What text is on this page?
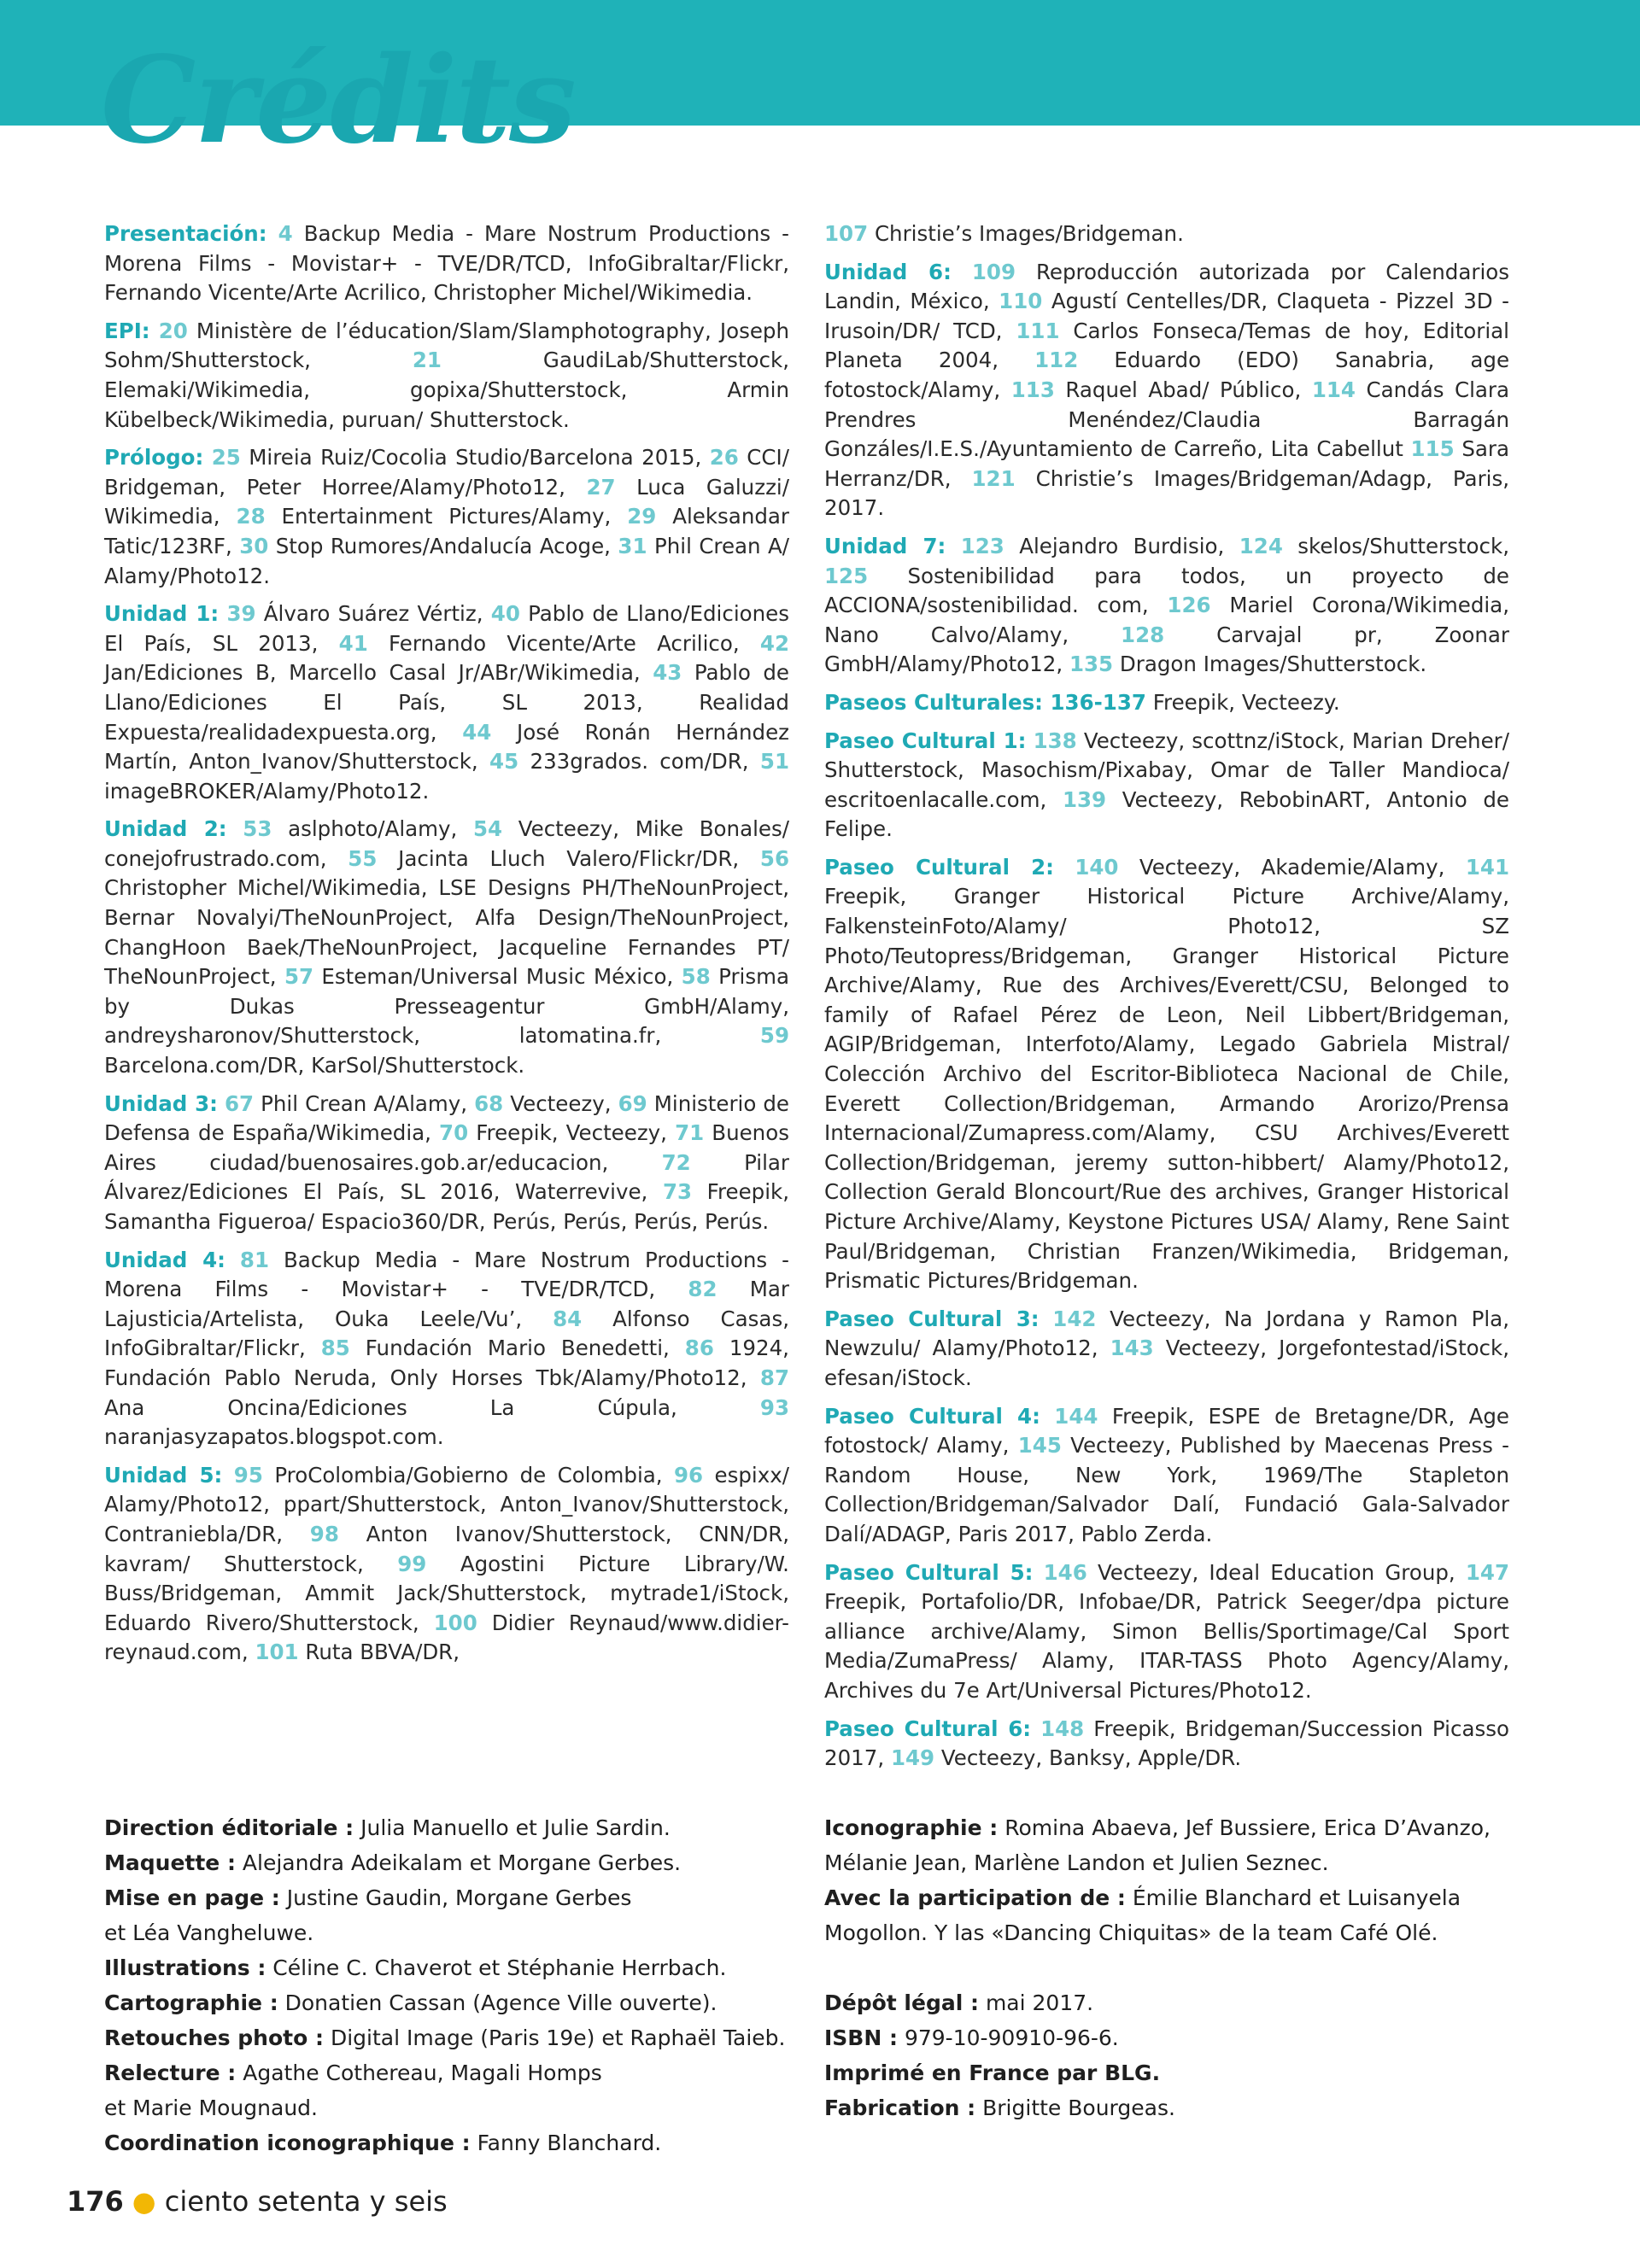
Crédits

Presentación: 4 Backup Media - Mare Nostrum Productions - Morena Films - Movistar+ - TVE/DR/TCD, InfoGibraltar/Flickr, Fernando Vicente/Arte Acrilico, Christopher Michel/Wikimedia.

EPI: 20 Ministère de l’éducation/Slam/Slamphotography, Joseph Sohm/Shutterstock,	21	GaudiLab/Shutterstock, Elemaki/Wikimedia, gopixa/Shutterstock, Armin Kübelbeck/Wikimedia, puruan/ Shutterstock.

Prólogo: 25 Mireia Ruiz/Cocolia Studio/Barcelona 2015, 26 CCI/ Bridgeman, Peter Horree/Alamy/Photo12, 27 Luca Galuzzi/ Wikimedia, 28 Entertainment Pictures/Alamy, 29 Aleksandar Tatic/123RF, 30 Stop Rumores/Andalucía Acoge, 31 Phil Crean A/ Alamy/Photo12.

Unidad 1: 39 Álvaro Suárez Vértiz, 40 Pablo de Llano/Ediciones El País, SL 2013, 41 Fernando Vicente/Arte Acrilico, 42 Jan/Ediciones B, Marcello Casal Jr/ABr/Wikimedia, 43 Pablo de Llano/Ediciones El País, SL 2013, Realidad Expuesta/realidadexpuesta.org, 44 José Ronán Hernández Martín, Anton_Ivanov/Shutterstock, 45 233grados. com/DR, 51 imageBROKER/Alamy/Photo12.

Unidad 2: 53 aslphoto/Alamy, 54 Vecteezy, Mike Bonales/ conejofrustrado.com, 55 Jacinta Lluch Valero/Flickr/DR, 56 Christopher Michel/Wikimedia, LSE Designs PH/TheNounProject, Bernar Novalyi/TheNounProject, Alfa Design/TheNounProject, ChangHoon Baek/TheNounProject, Jacqueline Fernandes PT/ TheNounProject, 57 Esteman/Universal Music México, 58 Prisma by Dukas Presseagentur GmbH/Alamy, andreysharonov/Shutterstock, latomatina.fr,	59 Barcelona.com/DR, KarSol/Shutterstock.

Unidad 3: 67 Phil Crean A/Alamy, 68 Vecteezy, 69 Ministerio de Defensa de España/Wikimedia, 70 Freepik, Vecteezy, 71 Buenos Aires ciudad/buenosaires.gob.ar/educacion,	72	Pilar Álvarez/Ediciones El País, SL 2016, Waterrevive, 73 Freepik, Samantha Figueroa/ Espacio360/DR, Perús, Perús, Perús, Perús.

Unidad 4: 81 Backup Media - Mare Nostrum Productions - Morena Films - Movistar+ - TVE/DR/TCD, 82 Mar Lajusticia/Artelista, Ouka Leele/Vu’, 84 Alfonso Casas, InfoGibraltar/Flickr, 85 Fundación Mario Benedetti, 86 1924, Fundación Pablo Neruda, Only Horses Tbk/Alamy/Photo12, 87 Ana Oncina/Ediciones La Cúpula,	93 naranjasyzapatos.blogspot.com.

Unidad 5: 95 ProColombia/Gobierno de Colombia, 96 espixx/ Alamy/Photo12, ppart/Shutterstock, Anton_Ivanov/Shutterstock, Contraniebla/DR, 98 Anton Ivanov/Shutterstock, CNN/DR, kavram/ Shutterstock, 99 Agostini Picture Library/W. Buss/Bridgeman, Ammit Jack/Shutterstock, mytrade1/iStock, Eduardo Rivero/Shutterstock, 100 Didier Reynaud/www.didier-reynaud.com, 101 Ruta BBVA/DR,

107 Christie’s Images/Bridgeman.

Unidad 6: 109 Reproducción autorizada por Calendarios Landin, México, 110 Agustí Centelles/DR, Claqueta - Pizzel 3D - Irusoin/DR/ TCD, 111 Carlos Fonseca/Temas de hoy, Editorial Planeta 2004, 112 Eduardo (EDO) Sanabria, age fotostock/Alamy, 113 Raquel Abad/ Público, 114 Candás Clara Prendres Menéndez/Claudia Barragán Gonzáles/I.E.S./Ayuntamiento de Carreño, Lita Cabellut 115 Sara Herranz/DR, 121 Christie’s Images/Bridgeman/Adagp, Paris, 2017.

Unidad 7: 123 Alejandro Burdisio, 124 skelos/Shutterstock, 125 Sostenibilidad para todos, un proyecto de ACCIONA/sostenibilidad. com, 126 Mariel Corona/Wikimedia, Nano Calvo/Alamy, 128 Carvajal pr, Zoonar GmbH/Alamy/Photo12, 135 Dragon Images/Shutterstock.

Paseos Culturales: 136-137 Freepik, Vecteezy.

Paseo Cultural 1: 138 Vecteezy, scottnz/iStock, Marian Dreher/ Shutterstock, Masochism/Pixabay, Omar de Taller Mandioca/ escritoenlacalle.com, 139 Vecteezy, RebobinART, Antonio de Felipe.

Paseo Cultural 2: 140 Vecteezy, Akademie/Alamy, 141 Freepik, Granger Historical Picture Archive/Alamy, FalkensteinFoto/Alamy/ Photo12, SZ Photo/Teutopress/Bridgeman, Granger Historical Picture Archive/Alamy, Rue des Archives/Everett/CSU, Belonged to family of Rafael Pérez de Leon, Neil Libbert/Bridgeman, AGIP/Bridgeman, Interfoto/Alamy, Legado Gabriela Mistral/ Colección Archivo del Escritor-Biblioteca Nacional de Chile, Everett Collection/Bridgeman, Armando Arorizo/Prensa Internacional/Zumapress.com/Alamy, CSU Archives/Everett Collection/Bridgeman, jeremy sutton-hibbert/ Alamy/Photo12, Collection Gerald Bloncourt/Rue des archives, Granger Historical Picture Archive/Alamy, Keystone Pictures USA/ Alamy, Rene Saint Paul/Bridgeman, Christian Franzen/Wikimedia, Bridgeman, Prismatic Pictures/Bridgeman.

Paseo Cultural 3: 142 Vecteezy, Na Jordana y Ramon Pla, Newzulu/ Alamy/Photo12, 143 Vecteezy, Jorgefontestad/iStock, efesan/iStock.

Paseo Cultural 4: 144 Freepik, ESPE de Bretagne/DR, Age fotostock/ Alamy, 145 Vecteezy, Published by Maecenas Press - Random House, New York, 1969/The Stapleton Collection/Bridgeman/Salvador Dalí, Fundació Gala-Salvador Dalí/ADAGP, Paris 2017, Pablo Zerda.

Paseo Cultural 5: 146 Vecteezy, Ideal Education Group, 147 Freepik, Portafolio/DR, Infobae/DR, Patrick Seeger/dpa picture alliance archive/Alamy, Simon Bellis/Sportimage/Cal Sport Media/ZumaPress/ Alamy, ITAR-TASS Photo Agency/Alamy, Archives du 7e Art/Universal Pictures/Photo12.

Paseo Cultural 6: 148 Freepik, Bridgeman/Succession Picasso 2017, 149 Vecteezy, Banksy, Apple/DR.

Direction éditoriale : Julia Manuello et Julie Sardin.

Maquette : Alejandra Adeikalam et Morgane Gerbes.

Mise en page : Justine Gaudin, Morgane Gerbes

et Léa Vangheluwe.

Illustrations : Céline C. Chaverot et Stéphanie Herrbach.

Cartographie : Donatien Cassan (Agence Ville ouverte).

Retouches photo : Digital Image (Paris 19e) et Raphaël Taieb.

Relecture : Agathe Cothereau, Magali Homps

et Marie Mougnaud.

Coordination iconographique : Fanny Blanchard.

Iconographie : Romina Abaeva, Jef Bussiere, Erica D’Avanzo,

Mélanie Jean, Marlène Landon et Julien Seznec.

Avec la participation de : Émilie Blanchard et Luisanyela

Mogollon. Y las «Dancing Chiquitas» de la team Café Olé.

Dépôt légal : mai 2017.

ISBN : 979-10-90910-96-6.

Imprimé en France par BLG.

Fabrication : Brigitte Bourgeas.

176 ● ciento setenta y seis
